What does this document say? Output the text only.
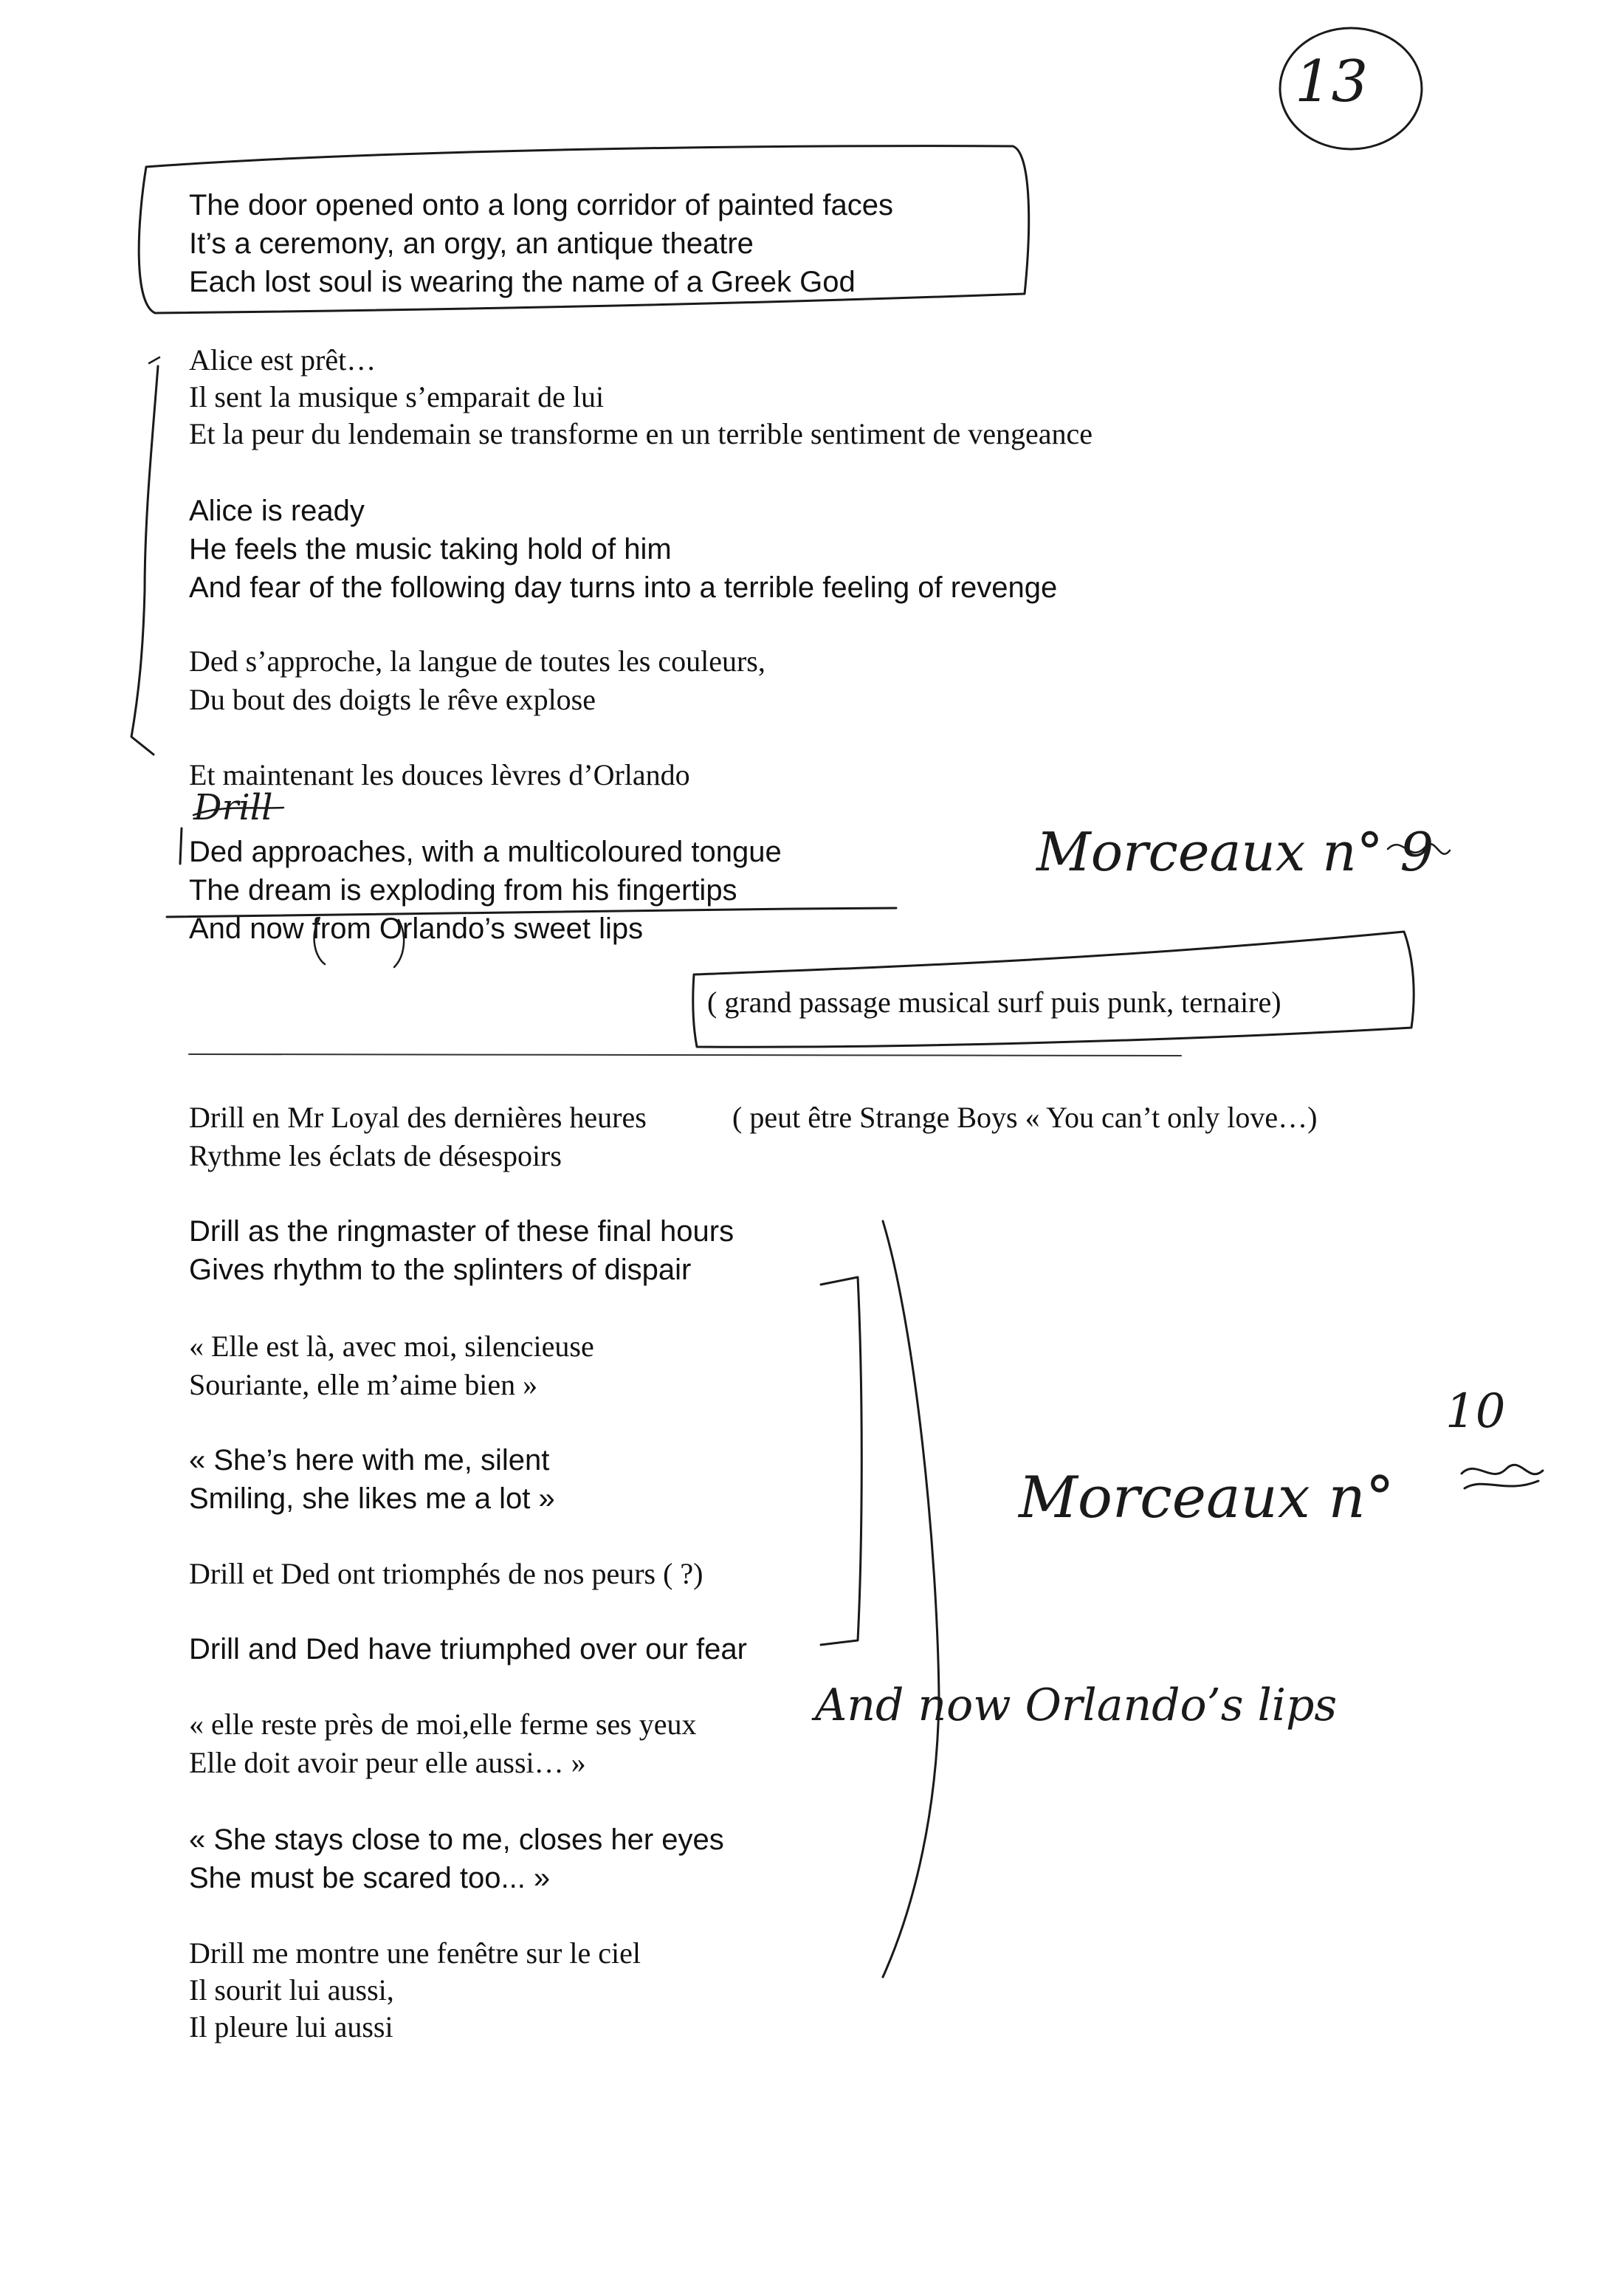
The door opened onto a long corridor of painted faces

It’s a ceremony, an orgy, an antique theatre

Each lost soul is wearing the name of a Greek God

Alice est prêt…

Il sent la musique s’emparait de lui

Et la peur du lendemain se transforme en un terrible sentiment de vengeance

Alice is ready

He feels the music taking hold of him

And fear of the following day turns into a terrible feeling of revenge

Ded s’approche, la langue de toutes les couleurs,

Du bout des doigts le rêve explose

Et maintenant les douces lèvres d’Orlando

Ded approaches, with a multicoloured tongue

The dream is exploding from his fingertips

And now from Orlando’s sweet lips

( grand passage musical surf puis punk, ternaire)

Drill en Mr Loyal des dernières heures	( peut être Strange Boys « You can’t only love…)

Rythme les éclats de désespoirs

Drill as the ringmaster of these final hours

Gives rhythm to the splinters of dispair

« Elle est là, avec moi, silencieuse

Souriante, elle m’aime bien »

« She’s here with me, silent

Smiling, she likes me a lot »

Drill et Ded ont triomphés de nos peurs ( ?)

Drill and Ded have triumphed over our fear

« elle reste près de moi,elle ferme ses yeux

Elle doit avoir peur elle aussi… »

« She stays close to me, closes her eyes

She must be scared too... »

Drill me montre une fenêtre sur le ciel

Il sourit lui aussi,

Il pleure lui aussi

13
Drill
Morceaux n° 9
10
Morceaux n°
And now Orlando’s lips
